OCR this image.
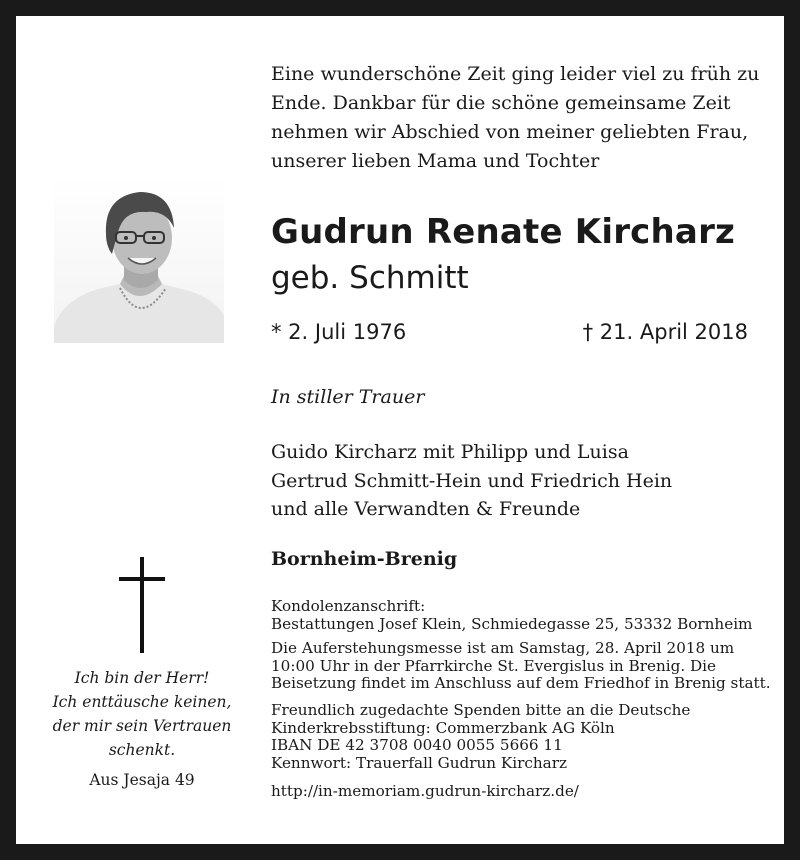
Eine wunderschöne Zeit ging leider viel zu früh zu
Ende. Dankbar für die schöne gemeinsame Zeit
nehmen wir Abschied von meiner geliebten Frau,
unserer lieben Mama und Tochter
Gudrun Renate Kircharz
geb. Schmitt
* 2. Juli 1976	† 21. April 2018
In stiller Trauer
Guido Kircharz mit Philipp und Luisa
Gertrud Schmitt-Hein und Friedrich Hein
und alle Verwandten & Freunde
Bornheim-Brenig
Kondolenzanschrift:
Bestattungen Josef Klein, Schmiedegasse 25, 53332 Bornheim
Die Auferstehungsmesse ist am Samstag, 28. April 2018 um
10:00 Uhr in der Pfarrkirche St. Evergislus in Brenig. Die
Beisetzung findet im Anschluss auf dem Friedhof in Brenig statt.
Freundlich zugedachte Spenden bitte an die Deutsche
Kinderkrebsstiftung: Commerzbank AG Köln
IBAN DE 42 3708 0040 0055 5666 11
Kennwort: Trauerfall Gudrun Kircharz
http://in-memoriam.gudrun-kircharz.de/
Ich bin der Herr!
Ich enttäusche keinen,
der mir sein Vertrauen
schenkt.
Aus Jesaja 49
